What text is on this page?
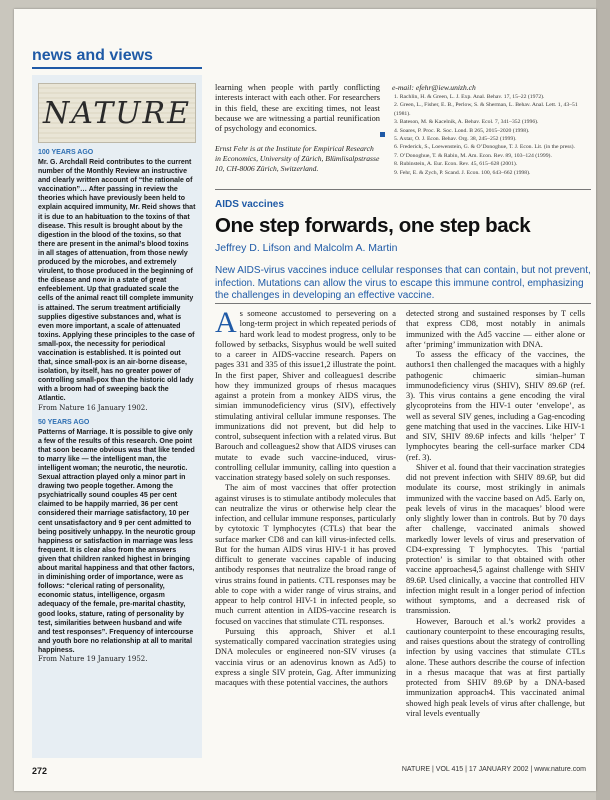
news and views
NATURE
100 YEARS AGO
Mr. G. Archdall Reid contributes to the current number of the Monthly Review an instructive and clearly written account of “the rationale of vaccination”… After passing in review the theories which have previously been held to explain acquired immunity, Mr. Reid shows that it is due to an habituation to the toxins of that disease. This result is brought about by the digestion in the blood of the toxins, so that there are present in the animal’s blood toxins in all stages of attenuation, from those newly produced by the microbes, and extremely virulent, to those produced in the beginning of the disease and now in a state of great enfeeblement. Up that graduated scale the cells of the animal react till complete immunity is attained. The serum treatment artificially supplies digestive substances and, what is even more important, a scale of attenuated toxins. Applying these principles to the case of small-pox, the necessity for periodical vaccination is established. It is pointed out that, since small-pox is an air-borne disease, isolation, by itself, has no greater power of controlling small-pox than the historic old lady with a broom had of sweeping back the Atlantic.
From Nature 16 January 1902.
50 YEARS AGO
Patterns of Marriage. It is possible to give only a few of the results of this research. One point that soon became obvious was that like tended to marry like — the intelligent man, the intelligent woman; the neurotic, the neurotic. Sexual attraction played only a minor part in drawing two people together. Among the psychiatrically sound couples 45 per cent claimed to be happily married, 36 per cent considered their marriage satisfactory, 10 per cent unsatisfactory and 9 per cent admitted to being positively unhappy. In the neurotic group happiness or satisfaction in marriage was less frequent. It is clear also from the answers given that children ranked highest in bringing about marital happiness and that other factors, in diminishing order of importance, were as follows: “clerical rating of personality, economic status, intelligence, orgasm adequacy of the female, pre-marital chastity, good looks, stature, rating of personality by test, similarities between husband and wife and test responses”. Frequency of intercourse and youth bore no relationship at all to marital happiness.
From Nature 19 January 1952.

learning when people with partly conflicting interests interact with each other. For researchers in this field, these are exciting times, not least because we are witnessing a partial reunification of psychology and economics.

Ernst Fehr is at the Institute for Empirical Research in Economics, University of Zürich, Blümlisalpstrasse 10, CH-8006 Zürich, Switzerland.
e-mail: efehr@iew.unizh.ch
1. Rachlin, H. & Green, L. J. Exp. Anal. Behav. 17, 15–22 (1972).
2. Green, L., Fisher, E. B., Perlow, S. & Sherman, L. Behav. Anal. Lett. 1, 43–51 (1981).
3. Bateson, M. & Kacelnik, A. Behav. Ecol. 7, 341–352 (1996).
4. Soares, P. Proc. R. Soc. Lond. B 265, 2015–2020 (1998).
5. Axtar, O. J. Econ. Behav. Org. 38, 245–252 (1999).
6. Frederick, S., Loewenstein, G. & O’Donoghue, T. J. Econ. Lit. (in the press).
7. O’Donoghue, T. & Rabin, M. Am. Econ. Rev. 89, 103–124 (1999).
8. Rubinstein, A. Eur. Econ. Rev. 45, 615–628 (2001).
9. Fehr, E. & Zych, P. Scand. J. Econ. 100, 643–662 (1998).
AIDS vaccines
One step forwards, one step back
Jeffrey D. Lifson and Malcolm A. Martin
New AIDS-virus vaccines induce cellular responses that can contain, but not prevent, infection. Mutations can allow the virus to escape this immune control, emphasizing the challenges in developing an effective vaccine.

As someone accustomed to persevering on a long-term project in which repeated periods of hard work lead to modest progress, only to be followed by setbacks, Sisyphus would be well suited to a career in AIDS-vaccine research. Papers on pages 331 and 335 of this issue1,2 illustrate the point. In the first paper, Shiver and colleagues1 describe how they immunized groups of rhesus macaques against a protein from a monkey AIDS virus, the simian immunodeficiency virus (SIV), effectively stimulating antiviral cellular immune responses. The immunizations did not prevent, but did help to control, subsequent infection with a related virus. But Barouch and colleagues2 show that AIDS viruses can mutate to evade such vaccine-induced, virus-controlling cellular immunity, calling into question a vaccination strategy based solely on such responses.

The aim of most vaccines that offer protection against viruses is to stimulate antibody molecules that can neutralize the virus or otherwise help clear the infection, and cellular immune responses, particularly by cytotoxic T lymphocytes (CTLs) that bear the surface marker CD8 and can kill virus-infected cells. But for the human AIDS virus HIV-1 it has proved difficult to generate vaccines capable of inducing antibody responses that neutralize the broad range of virus strains found in patients. CTL responses may be able to cope with a wider range of virus strains, and appear to help control HIV-1 in infected people, so much current attention in AIDS-vaccine research is focused on vaccines that stimulate CTL responses.

Pursuing this approach, Shiver et al.1 systematically compared vaccination strategies using DNA molecules or engineered non-SIV viruses (a vaccinia virus or an adenovirus known as Ad5) to express a single SIV protein, Gag. After immunizing macaques with these potential vaccines, the authors

detected strong and sustained responses by T cells that express CD8, most notably in animals immunized with the Ad5 vaccine — either alone or after ‘priming’ immunization with DNA.

To assess the efficacy of the vaccines, the authors1 then challenged the macaques with a highly pathogenic chimaeric simian–human immunodeficiency virus (SHIV), SHIV 89.6P (ref. 3). This virus contains a gene encoding the viral glycoproteins from the HIV-1 outer ‘envelope’, as well as several SIV genes, including a Gag-encoding gene matching that used in the vaccines. Like HIV-1 and SIV, SHIV 89.6P infects and kills ‘helper’ T lymphocytes bearing the cell-surface marker CD4 (ref. 3).

Shiver et al. found that their vaccination strategies did not prevent infection with SHIV 89.6P, but did modulate its course, most strikingly in animals immunized with the vaccine based on Ad5. Early on, peak levels of virus in the macaques’ blood were only slightly lower than in controls. But by 70 days after challenge, vaccinated animals showed markedly lower levels of virus and preservation of CD4-expressing T lymphocytes. This ‘partial protection’ is similar to that obtained with other vaccine approaches4,5 against challenge with SHIV 89.6P. Used clinically, a vaccine that controlled HIV infection might result in a longer period of infection without symptoms, and a decreased risk of transmission.

However, Barouch et al.’s work2 provides a cautionary counterpoint to these encouraging results, and raises questions about the strategy of controlling infection by using vaccines that stimulate CTLs alone. These authors describe the course of infection in a rhesus macaque that was at first partially protected from SHIV 89.6P by a DNA-based immunization approach4. This vaccinated animal showed high peak levels of virus after challenge, but viral levels eventually

272	NATURE | VOL 415 | 17 JANUARY 2002 | www.nature.com
